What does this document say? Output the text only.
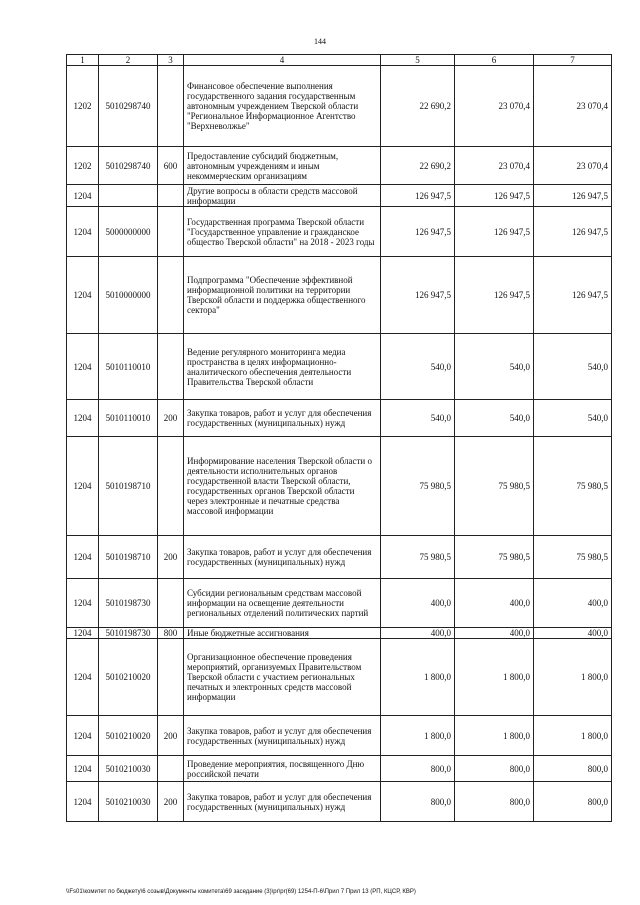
144
1	2	3	4	5	6	7
1202	5010298740		Финансовое обеспечение выполнения государственного задания государственным автономным учреждением Тверской области "Региональное Информационное Агентство "Верхневолжье"	22 690,2	23 070,4	23 070,4
1202	5010298740	600	Предоставление субсидий бюджетным, автономным учреждениям и иным некоммерческим организациям	22 690,2	23 070,4	23 070,4
1204			Другие вопросы в области средств массовой информации	126 947,5	126 947,5	126 947,5
1204	5000000000		Государственная программа Тверской области "Государственное управление и гражданское общество Тверской области" на 2018 - 2023 годы	126 947,5	126 947,5	126 947,5
1204	5010000000		Подпрограмма "Обеспечение эффективной информационной политики на территории Тверской области и поддержка общественного сектора"	126 947,5	126 947,5	126 947,5
1204	5010110010		Ведение регулярного мониторинга медиа пространства в целях информационно-аналитического обеспечения деятельности Правительства Тверской области	540,0	540,0	540,0
1204	5010110010	200	Закупка товаров, работ и услуг для обеспечения государственных (муниципальных) нужд	540,0	540,0	540,0
1204	5010198710		Информирование населения Тверской области о деятельности исполнительных органов государственной власти Тверской области, государственных органов Тверской области через электронные и печатные средства массовой информации	75 980,5	75 980,5	75 980,5
1204	5010198710	200	Закупка товаров, работ и услуг для обеспечения государственных (муниципальных) нужд	75 980,5	75 980,5	75 980,5
1204	5010198730		Субсидии региональным средствам массовой информации на освещение деятельности региональных отделений политических партий	400,0	400,0	400,0
1204	5010198730	800	Иные бюджетные ассигнования	400,0	400,0	400,0
1204	5010210020		Организационное обеспечение проведения мероприятий, организуемых Правительством Тверской области с участием региональных печатных и электронных средств массовой информации	1 800,0	1 800,0	1 800,0
1204	5010210020	200	Закупка товаров, работ и услуг для обеспечения государственных (муниципальных) нужд	1 800,0	1 800,0	1 800,0
1204	5010210030		Проведение мероприятия, посвященного Дню российской печати	800,0	800,0	800,0
1204	5010210030	200	Закупка товаров, работ и услуг для обеспечения государственных (муниципальных) нужд	800,0	800,0	800,0
\\Fs01\комитет по бюджету\6 созыв\Документы комитета\69 заседание (3)\pr\pr(69) 1254-П-6\Прил 7 Прил 13 (РП, КЦСР, КВР)
